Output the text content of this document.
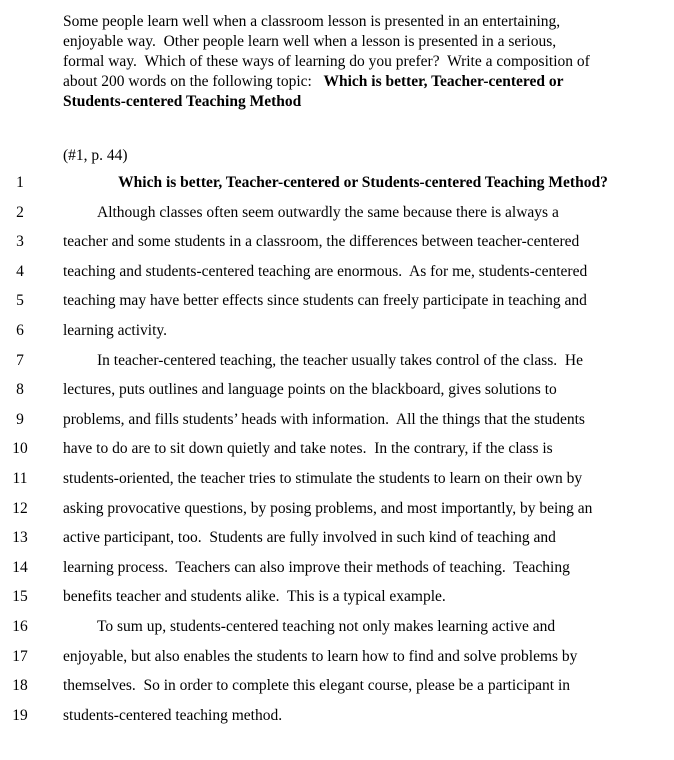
Some people learn well when a classroom lesson is presented in an entertaining,
enjoyable way.  Other people learn well when a lesson is presented in a serious,
formal way.  Which of these ways of learning do you prefer?  Write a composition of
about 200 words on the following topic:   Which is better, Teacher-centered or
Students-centered Teaching Method
(#1, p. 44)
1	Which is better, Teacher-centered or Students-centered Teaching Method?
2	Although classes often seem outwardly the same because there is always a
3	teacher and some students in a classroom, the differences between teacher-centered
4	teaching and students-centered teaching are enormous.  As for me, students-centered
5	teaching may have better effects since students can freely participate in teaching and
6	learning activity.
7	In teacher-centered teaching, the teacher usually takes control of the class.  He
8	lectures, puts outlines and language points on the blackboard, gives solutions to
9	problems, and fills students’ heads with information.  All the things that the students
10	have to do are to sit down quietly and take notes.  In the contrary, if the class is
11	students-oriented, the teacher tries to stimulate the students to learn on their own by
12	asking provocative questions, by posing problems, and most importantly, by being an
13	active participant, too.  Students are fully involved in such kind of teaching and
14	learning process.  Teachers can also improve their methods of teaching.  Teaching
15	benefits teacher and students alike.  This is a typical example.
16	To sum up, students-centered teaching not only makes learning active and
17	enjoyable, but also enables the students to learn how to find and solve problems by
18	themselves.  So in order to complete this elegant course, please be a participant in
19	students-centered teaching method.
